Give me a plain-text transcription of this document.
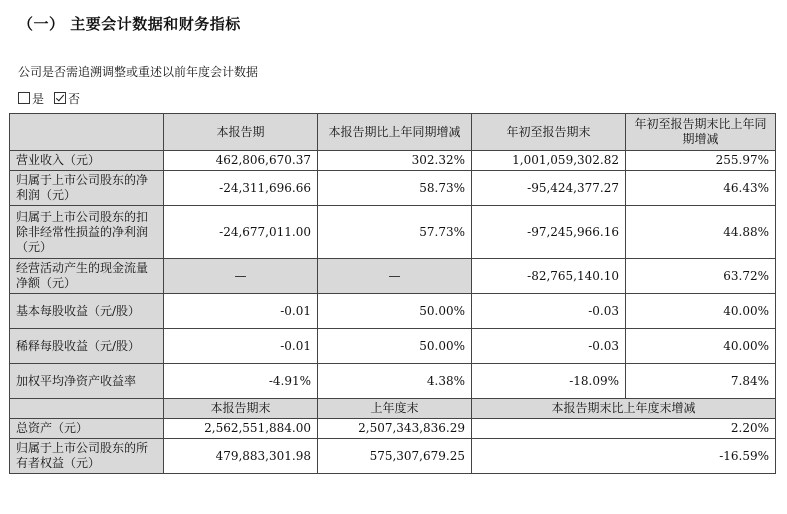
（一） 主要会计数据和财务指标
公司是否需追溯调整或重述以前年度会计数据
是	否
	本报告期	本报告期比上年同期增减	年初至报告期末	年初至报告期末比上年同期增减
营业收入（元）	462,806,670.37	302.32%	1,001,059,302.82	255.97%
归属于上市公司股东的净利润（元）	-24,311,696.66	58.73%	-95,424,377.27	46.43%
归属于上市公司股东的扣除非经常性损益的净利润（元）	-24,677,011.00	57.73%	-97,245,966.16	44.88%
经营活动产生的现金流量净额（元）	—	—	-82,765,140.10	63.72%
基本每股收益（元/股）	-0.01	50.00%	-0.03	40.00%
稀释每股收益（元/股）	-0.01	50.00%	-0.03	40.00%
加权平均净资产收益率	-4.91%	4.38%	-18.09%	7.84%
	本报告期末	上年度末	本报告期末比上年度末增减	
总资产（元）	2,562,551,884.00	2,507,343,836.29	2.20%	
归属于上市公司股东的所有者权益（元）	479,883,301.98	575,307,679.25	-16.59%	
